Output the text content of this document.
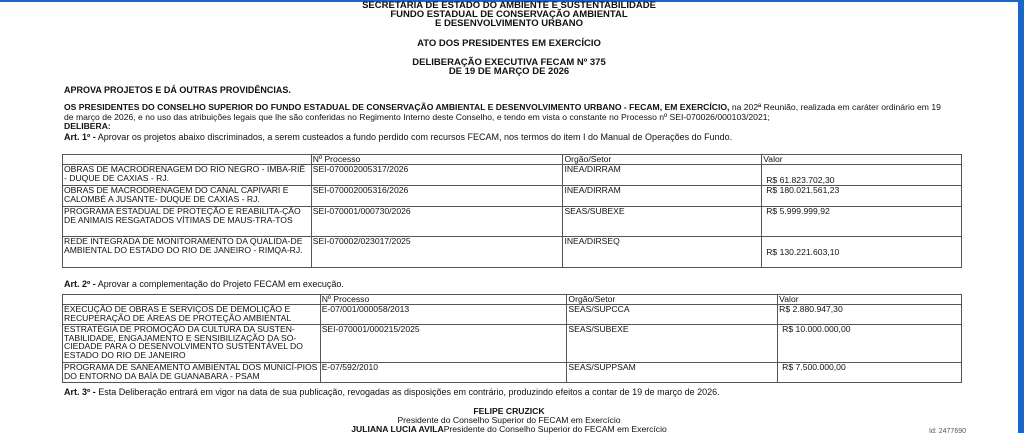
SECRETARIA DE ESTADO DO AMBIENTE E SUSTENTABILIDADE
FUNDO ESTADUAL DE CONSERVAÇÃO AMBIENTAL
E DESENVOLVIMENTO URBANO
ATO DOS PRESIDENTES EM EXERCÍCIO
DELIBERAÇÃO EXECUTIVA FECAM Nº 375
DE 19 DE MARÇO DE 2026
APROVA PROJETOS E DÁ OUTRAS PROVIDÊNCIAS.
OS PRESIDENTES DO CONSELHO SUPERIOR DO FUNDO ESTADUAL DE CONSERVAÇÃO AMBIENTAL E DESENVOLVIMENTO URBANO - FECAM, EM EXERCÍCIO, na 202ª Reunião, realizada em caráter ordinário em 19 de março de 2026, e no uso das atribuições legais que lhe são conferidas no Regimento Interno deste Conselho, e tendo em vista o constante no Processo nº SEI-070026/000103/2021;
DELIBERA:
Art. 1º - Aprovar os projetos abaixo discriminados, a serem custeados a fundo perdido com recursos FECAM, nos termos do item I do Manual de Operações do Fundo.
	Nº Processo	Orgão/Setor	Valor
OBRAS DE MACRODRENAGEM DO RIO NEGRO - IMBA-RIÊ - DUQUE DE CAXIAS - RJ.	SEI-070002005317/2026	INEA/DIRRAM	R$ 61.823.702,30
OBRAS DE MACRODRENAGEM DO CANAL CAPIVARI E CALOMBÉ A JUSANTE- DUQUE DE CAXIAS - RJ.	SEI-070002005316/2026	INEA/DIRRAM	R$ 180.021.561,23
PROGRAMA ESTADUAL DE PROTEÇÃO E REABILITA-ÇÃO DE ANIMAIS RESGATADOS VÍTIMAS DE MAUS-TRA-TOS	SEI-070001/000730/2026	SEAS/SUBEXE	R$ 5.999.999,92
REDE INTEGRADA DE MONITORAMENTO DA QUALIDA-DE AMBIENTAL DO ESTADO DO RIO DE JANEIRO - RIMQA-RJ.	SEI-070002/023017/2025	INEA/DIRSEQ	R$ 130.221.603,10
Art. 2º - Aprovar a complementação do Projeto FECAM em execução.
	Nº Processo	Orgão/Setor	Valor
EXECUÇÃO DE OBRAS E SERVIÇOS DE DEMOLIÇÃO E RECUPERAÇÃO DE ÁREAS DE PROTEÇÃO AMBIENTAL	E-07/001/000058/2013	SEAS/SUPCCA	R$ 2.880.947,30
ESTRATÉGIA DE PROMOÇÃO DA CULTURA DA SUSTEN-TABILIDADE, ENGAJAMENTO E SENSIBILIZAÇÃO DA SO-CIEDADE PARA O DESENVOLVIMENTO SUSTENTÁVEL DO ESTADO DO RIO DE JANEIRO	SEI-070001/000215/2025	SEAS/SUBEXE	R$ 10.000.000,00
PROGRAMA DE SANEAMENTO AMBIENTAL DOS MUNICÍ-PIOS DO ENTORNO DA BAÍA DE GUANABARA - PSAM	E-07/592/2010	SEAS/SUPPSAM	R$ 7.500.000,00
Art. 3º - Esta Deliberação entrará em vigor na data de sua publicação, revogadas as disposições em contrário, produzindo efeitos a contar de 19 de março de 2026.
FELIPE CRUZICK
Presidente do Conselho Superior do FECAM em Exercício
JULIANA LUCIA AVILAPresidente do Conselho Superior do FECAM em Exercício	Id: 2477690
